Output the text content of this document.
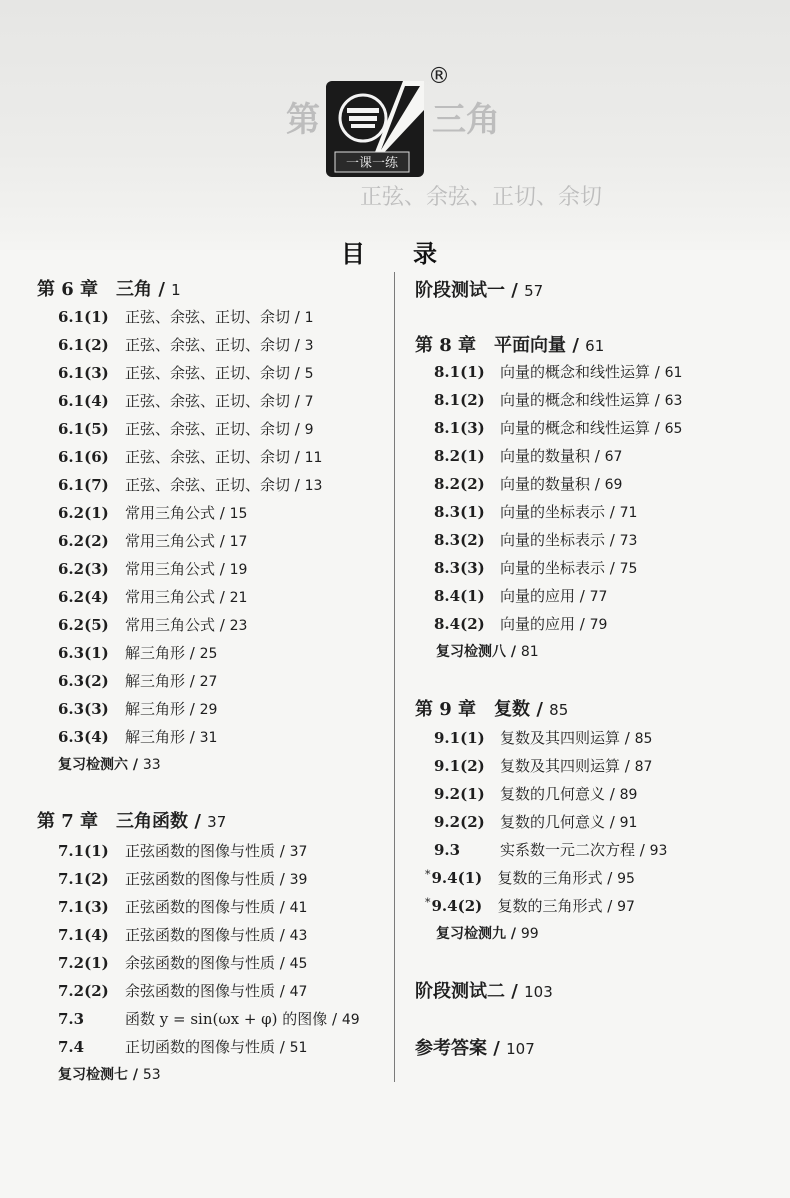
第	三角
正弦、余弦、正切、余切
一课一练
®
目　录
第 6 章　三角 / 1
6.1(1) 正弦、余弦、正切、余切 / 1
6.1(2) 正弦、余弦、正切、余切 / 3
6.1(3) 正弦、余弦、正切、余切 / 5
6.1(4) 正弦、余弦、正切、余切 / 7
6.1(5) 正弦、余弦、正切、余切 / 9
6.1(6) 正弦、余弦、正切、余切 / 11
6.1(7) 正弦、余弦、正切、余切 / 13
6.2(1) 常用三角公式 / 15
6.2(2) 常用三角公式 / 17
6.2(3) 常用三角公式 / 19
6.2(4) 常用三角公式 / 21
6.2(5) 常用三角公式 / 23
6.3(1) 解三角形 / 25
6.3(2) 解三角形 / 27
6.3(3) 解三角形 / 29
6.3(4) 解三角形 / 31
复习检测六 / 33
第 7 章　三角函数 / 37
7.1(1) 正弦函数的图像与性质 / 37
7.1(2) 正弦函数的图像与性质 / 39
7.1(3) 正弦函数的图像与性质 / 41
7.1(4) 正弦函数的图像与性质 / 43
7.2(1) 余弦函数的图像与性质 / 45
7.2(2) 余弦函数的图像与性质 / 47
7.3	函数 y = sin(ωx + φ) 的图像 / 49
7.4	正切函数的图像与性质 / 51
复习检测七 / 53
阶段测试一 / 57
第 8 章　平面向量 / 61
8.1(1) 向量的概念和线性运算 / 61
8.1(2) 向量的概念和线性运算 / 63
8.1(3) 向量的概念和线性运算 / 65
8.2(1) 向量的数量积 / 67
8.2(2) 向量的数量积 / 69
8.3(1) 向量的坐标表示 / 71
8.3(2) 向量的坐标表示 / 73
8.3(3) 向量的坐标表示 / 75
8.4(1) 向量的应用 / 77
8.4(2) 向量的应用 / 79
复习检测八 / 81
第 9 章　复数 / 85
9.1(1) 复数及其四则运算 / 85
9.1(2) 复数及其四则运算 / 87
9.2(1) 复数的几何意义 / 89
9.2(2) 复数的几何意义 / 91
9.3	实系数一元二次方程 / 93
*9.4(1) 复数的三角形式 / 95
*9.4(2) 复数的三角形式 / 97
复习检测九 / 99
阶段测试二 / 103
参考答案 / 107
